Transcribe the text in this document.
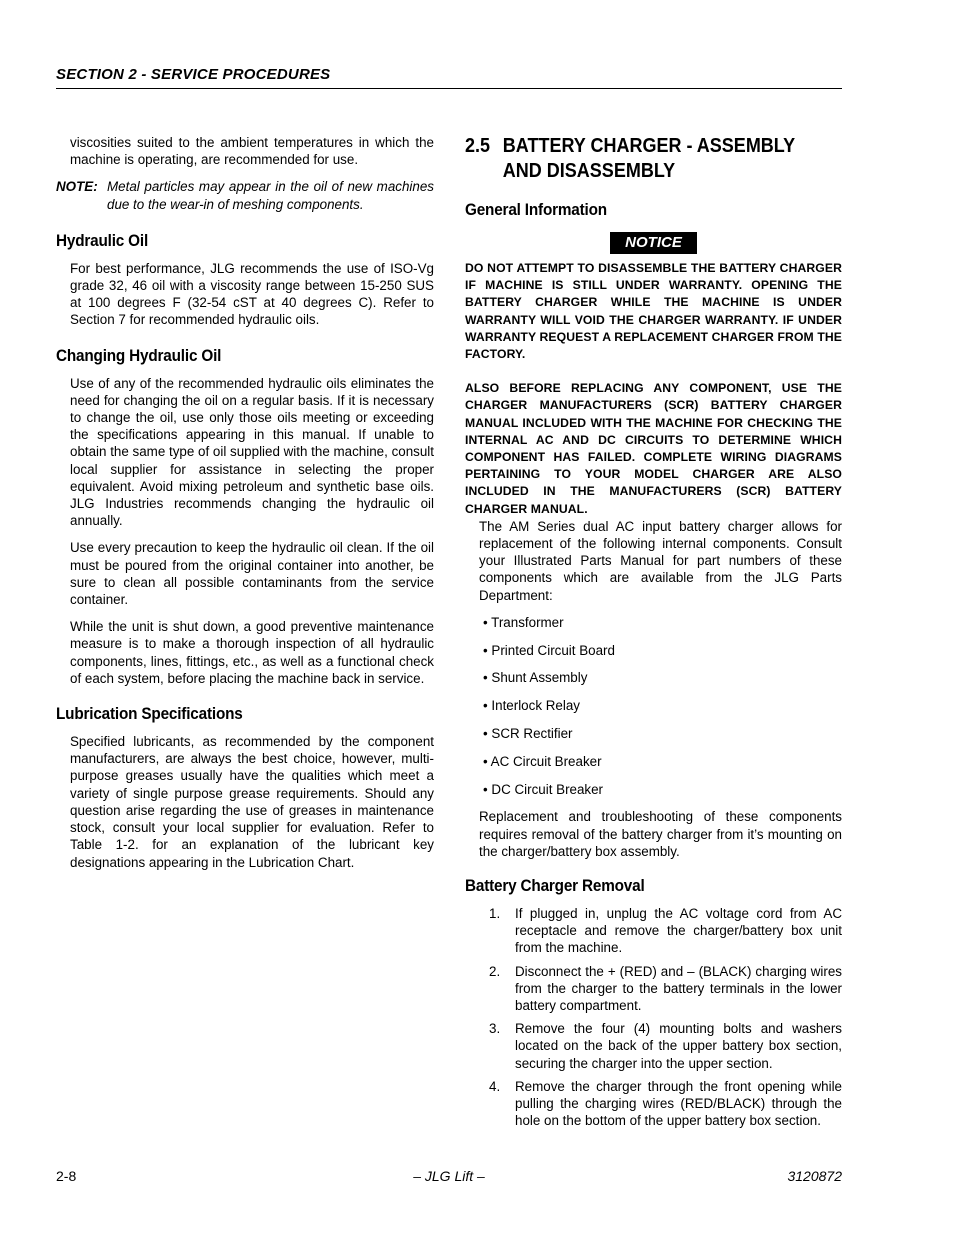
SECTION 2 - SERVICE PROCEDURES

viscosities suited to the ambient temperatures in which the machine is operating, are recommended for use.

NOTE: Metal particles may appear in the oil of new machines due to the wear-in of meshing components.
Hydraulic Oil

For best performance, JLG recommends the use of ISO-Vg grade 32, 46 oil with a viscosity range between 15-250 SUS at 100 degrees F (32-54 cST at 40 degrees C). Refer to Section 7 for recommended hydraulic oils.

Changing Hydraulic Oil

Use of any of the recommended hydraulic oils eliminates the need for changing the oil on a regular basis. If it is necessary to change the oil, use only those oils meeting or exceeding the specifications appearing in this manual. If unable to obtain the same type of oil supplied with the machine, consult local supplier for assistance in selecting the proper equivalent. Avoid mixing petroleum and synthetic base oils. JLG Industries recommends changing the hydraulic oil annually.

Use every precaution to keep the hydraulic oil clean. If the oil must be poured from the original container into another, be sure to clean all possible contaminants from the service container.

While the unit is shut down, a good preventive maintenance measure is to make a thorough inspection of all hydraulic components, lines, fittings, etc., as well as a functional check of each system, before placing the machine back in service.

Lubrication Specifications

Specified lubricants, as recommended by the component manufacturers, are always the best choice, however, multi-purpose greases usually have the qualities which meet a variety of single purpose grease requirements. Should any question arise regarding the use of greases in maintenance stock, consult your local supplier for evaluation. Refer to Table 1-2. for an explanation of the lubricant key designations appearing in the Lubrication Chart.

2.5 BATTERY CHARGER - ASSEMBLY AND DISASSEMBLY
General Information
NOTICE

DO NOT ATTEMPT TO DISASSEMBLE THE BATTERY CHARGER IF MACHINE IS STILL UNDER WARRANTY. OPENING THE BATTERY CHARGER WHILE THE MACHINE IS UNDER WARRANTY WILL VOID THE CHARGER WARRANTY. IF UNDER WARRANTY REQUEST A REPLACEMENT CHARGER FROM THE FACTORY.

ALSO BEFORE REPLACING ANY COMPONENT, USE THE CHARGER MANUFACTURERS (SCR) BATTERY CHARGER MANUAL INCLUDED WITH THE MACHINE FOR CHECKING THE INTERNAL AC AND DC CIRCUITS TO DETERMINE WHICH COMPONENT HAS FAILED. COMPLETE WIRING DIAGRAMS PERTAINING TO YOUR MODEL CHARGER ARE ALSO INCLUDED IN THE MANUFACTURERS (SCR) BATTERY CHARGER MANUAL.

The AM Series dual AC input battery charger allows for replacement of the following internal components. Consult your Illustrated Parts Manual for part numbers of these components which are available from the JLG Parts Department:

• Transformer
• Printed Circuit Board
• Shunt Assembly
• Interlock Relay
• SCR Rectifier
• AC Circuit Breaker
• DC Circuit Breaker

Replacement and troubleshooting of these components requires removal of the battery charger from it’s mounting on the charger/battery box assembly.

Battery Charger Removal
1.	If plugged in, unplug the AC voltage cord from AC receptacle and remove the charger/battery box unit from the machine.
2.	Disconnect the + (RED) and – (BLACK) charging wires from the charger to the battery terminals in the lower battery compartment.
3.	Remove the four (4) mounting bolts and washers located on the back of the upper battery box section, securing the charger into the upper section.
4.	Remove the charger through the front opening while pulling the charging wires (RED/BLACK) through the hole on the bottom of the upper battery box section.
2-8	– JLG Lift –	3120872
